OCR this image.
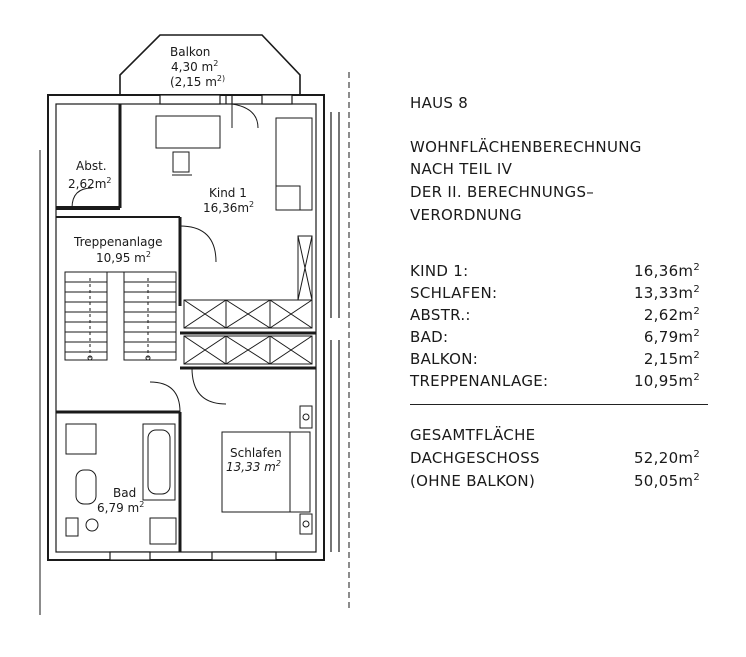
Balkon
4,30 $m^2$
(2,15 $m^{2)}$
Abst.
$2,62m^2$
Kind 1
$16,36m^2$
Treppenanlage
10,95 $m^2$
Schlafen
13,33 $m^2$
Bad
6,79 $m^2$
HAUS 8
WOHNFLÄCHENBERECHNUNG
NACH TEIL IV
DER II. BERECHNUNGS–
VERORDNUNG
KIND 1:	$16,36m^2$
SCHLAFEN:	$13,33m^2$
ABSTR.:	$2,62m^2$
BAD:	$6,79m^2$
BALKON:	$2,15m^2$
TREPPENANLAGE:	$10,95m^2$
GESAMTFLÄCHE
DACHGESCHOSS	$52,20m^2$
(OHNE BALKON)	$50,05m^2$
